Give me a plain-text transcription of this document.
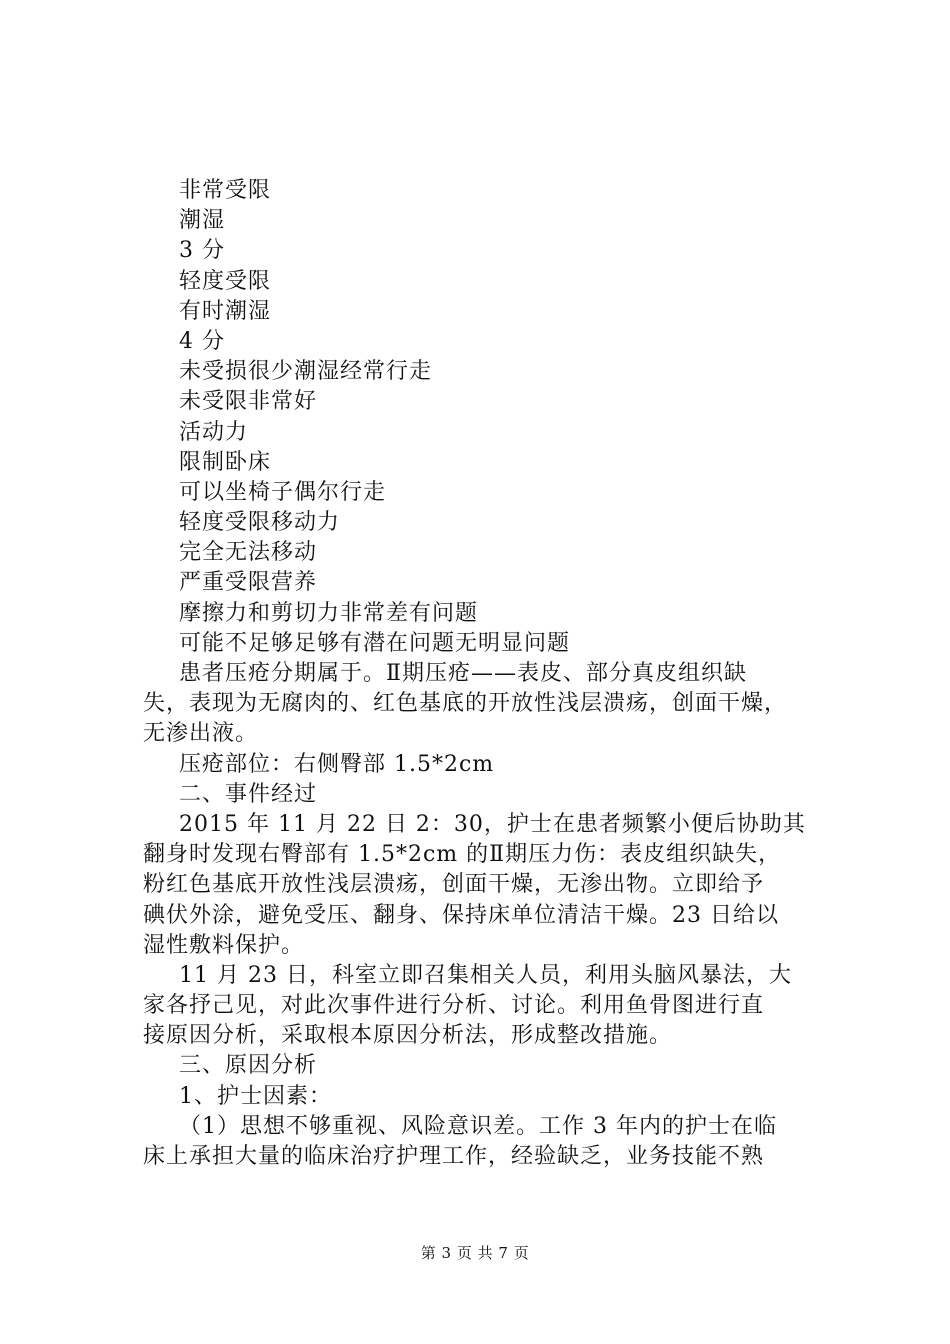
非常受限
潮湿
3 分
轻度受限
有时潮湿
4 分
未受损很少潮湿经常行走
未受限非常好
活动力
限制卧床
可以坐椅子偶尔行走
轻度受限移动力
完全无法移动
严重受限营养
摩擦力和剪切力非常差有问题
可能不足够足够有潜在问题无明显问题
患者压疮分期属于。Ⅱ期压疮——表皮、部分真皮组织缺
失，表现为无腐肉的、红色基底的开放性浅层溃疡，创面干燥，
无渗出液。
压疮部位：右侧臀部 1.5*2cm
二、事件经过
2015 年 11 月 22 日 2：30，护士在患者频繁小便后协助其
翻身时发现右臀部有 1.5*2cm 的Ⅱ期压力伤：表皮组织缺失，
粉红色基底开放性浅层溃疡，创面干燥，无渗出物。立即给予
碘伏外涂，避免受压、翻身、保持床单位清洁干燥。23 日给以
湿性敷料保护。
11 月 23 日，科室立即召集相关人员，利用头脑风暴法，大
家各抒己见，对此次事件进行分析、讨论。利用鱼骨图进行直
接原因分析，采取根本原因分析法，形成整改措施。
三、原因分析
1、护士因素：
（1）思想不够重视、风险意识差。工作 3 年内的护士在临
床上承担大量的临床治疗护理工作，经验缺乏，业务技能不熟
第 3 页 共 7 页
